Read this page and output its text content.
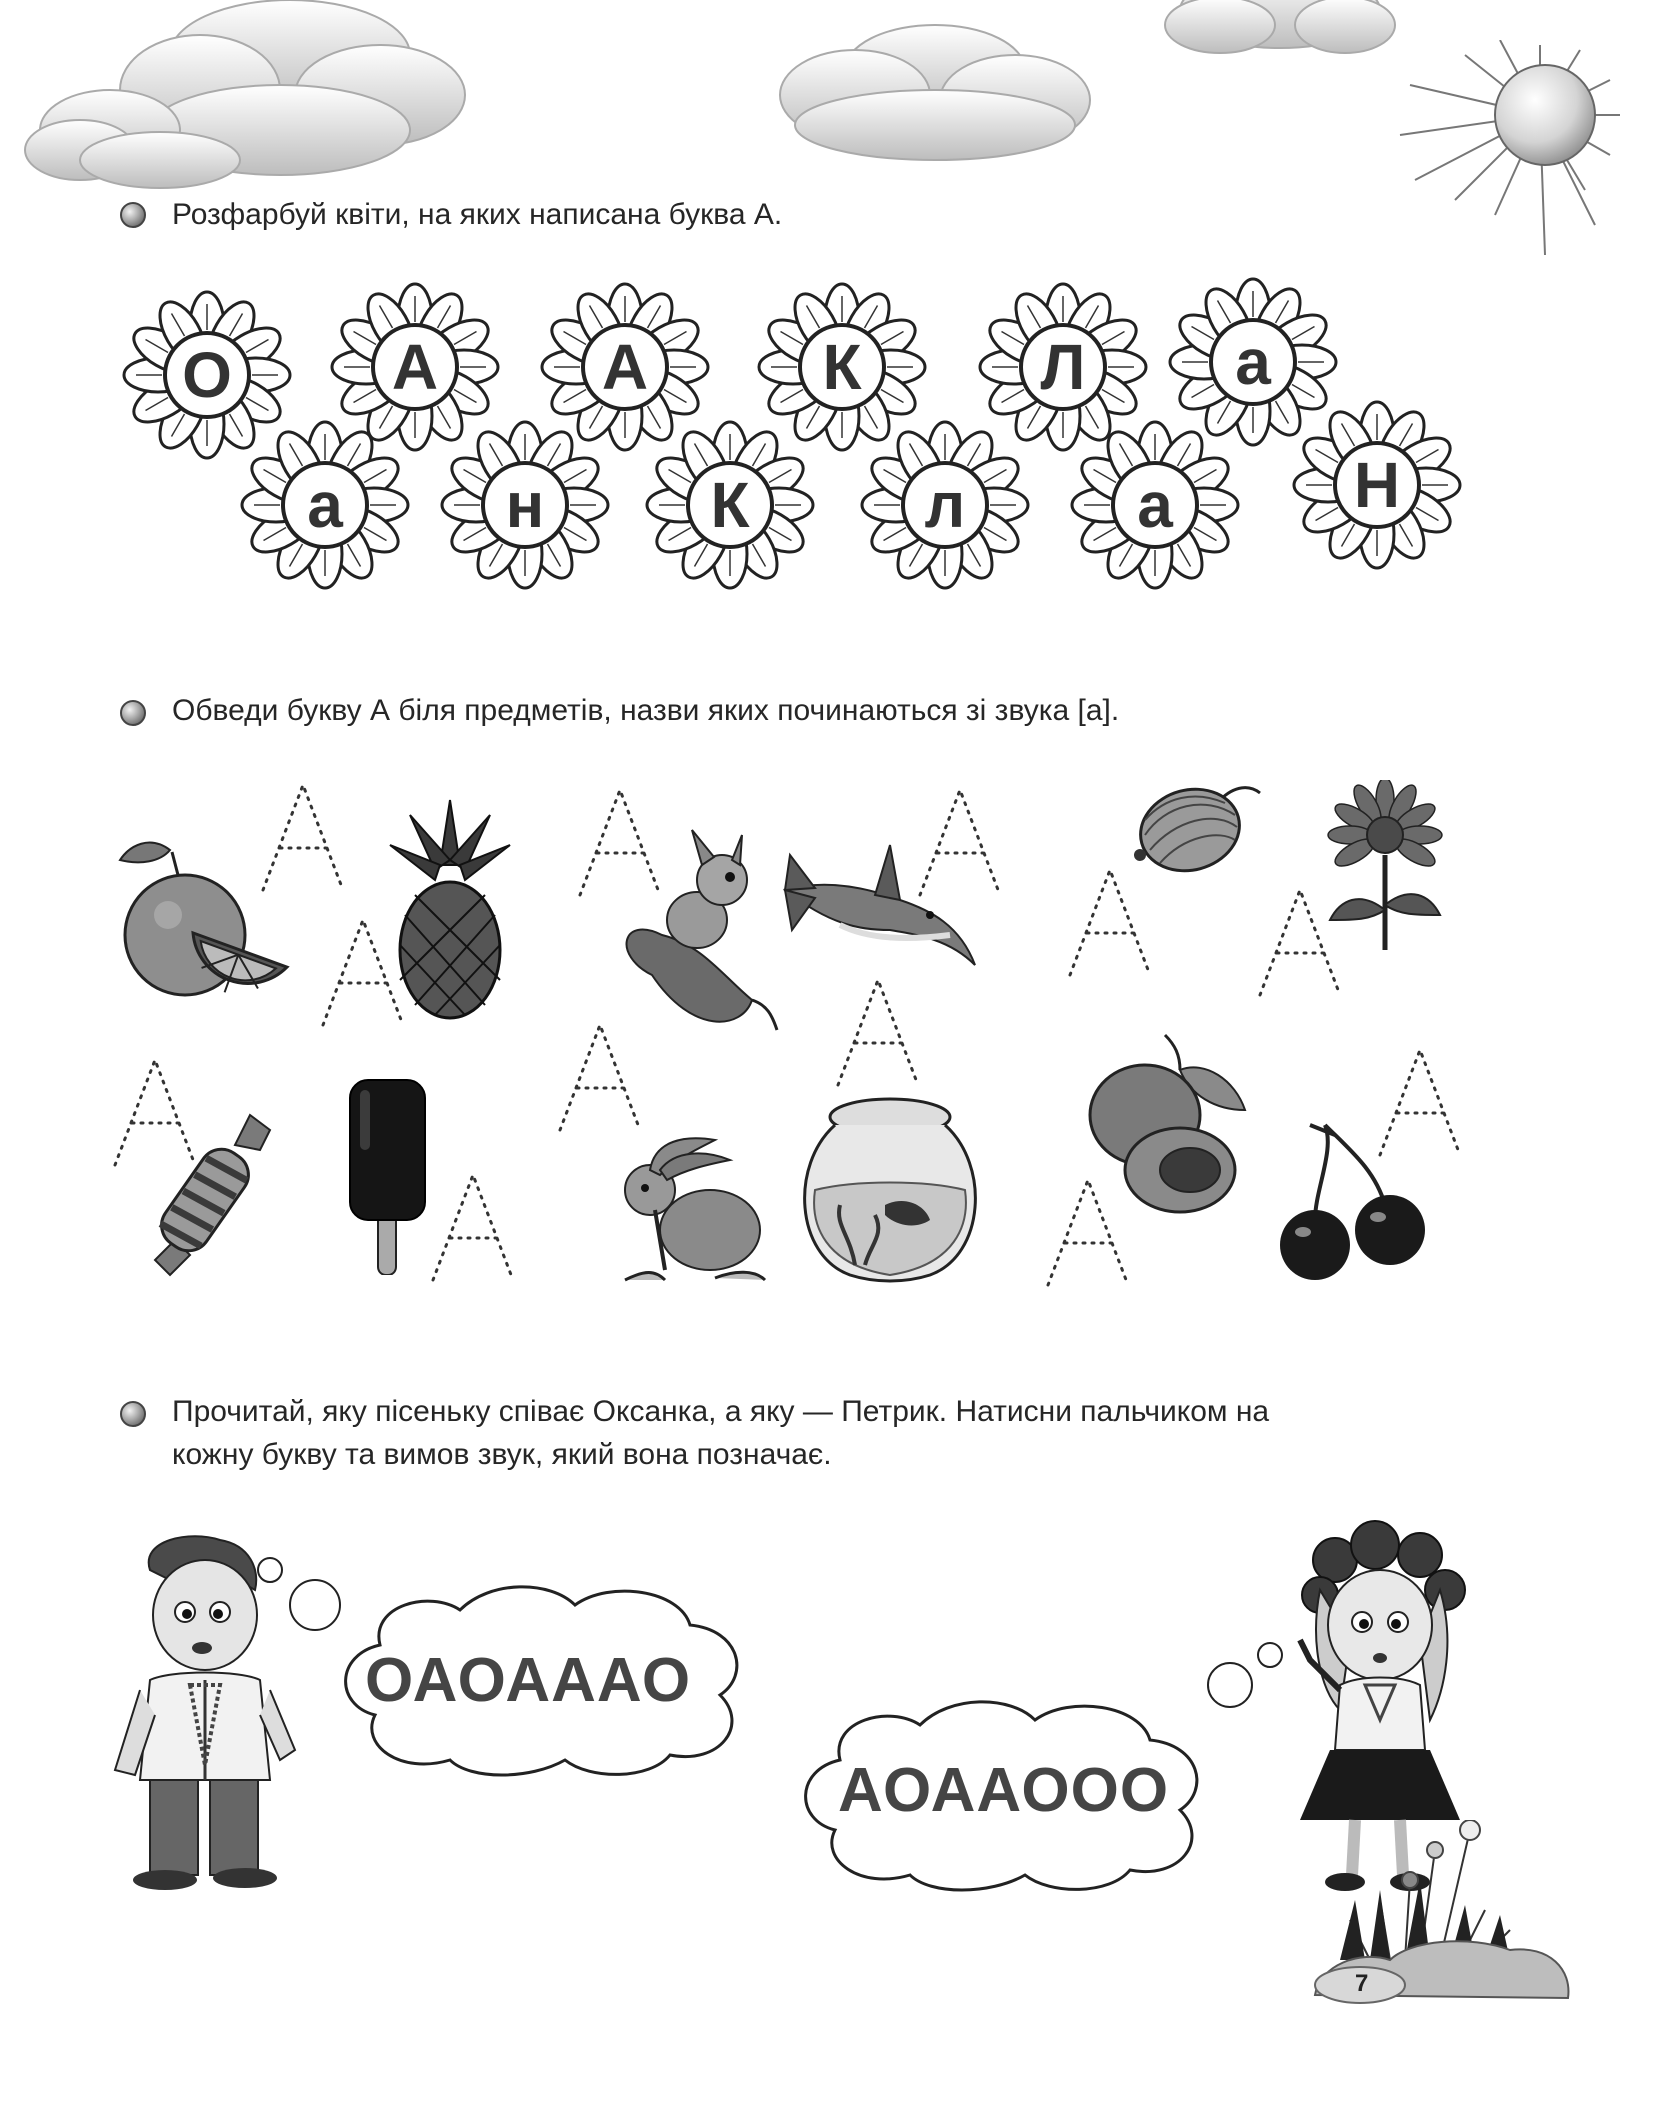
Розфарбуй квіти, на яких написана буква А.
О	А	А	К	Л	а
а	н	К	л	а	Н
Обведи букву А біля предметів, назви яких починаються зі звука [а].
Прочитай, яку пісеньку співає Оксанка, а яку — Петрик. Натисни пальчиком на
кожну букву та вимов звук, який вона позначає.
ОАОАААО
АОААООО
7
